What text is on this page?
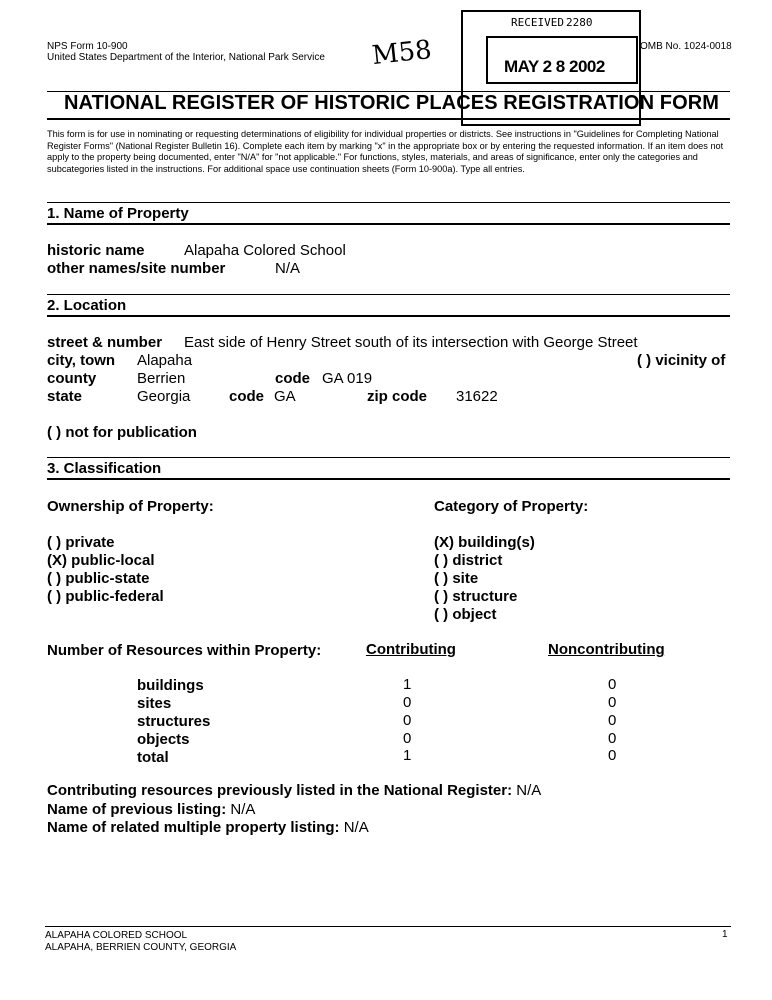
NPS Form 10-900
United States Department of the Interior, National Park Service M58	OMB No. 1024-0018
RECEIVED 2280
MAY 2 8 2002
NATIONAL REGISTER OF HISTORIC PLACES REGISTRATION FORM
This form is for use in nominating or requesting determinations of eligibility for individual properties or districts. See instructions in "Guidelines for Completing National Register Forms" (National Register Bulletin 16). Complete each item by marking "x" in the appropriate box or by entering the requested information. If an item does not apply to the property being documented, enter "N/A" for "not applicable." For functions, styles, materials, and areas of significance, enter only the categories and subcategories listed in the instructions. For additional space use continuation sheets (Form 10-900a). Type all entries.
1. Name of Property
historic name	Alapaha Colored School
other names/site number	N/A
2. Location
street & number East side of Henry Street south of its intersection with George Street
city, town Alapaha	( ) vicinity of
county	Berrien	code GA 019
state	Georgia	code GA	zip code 31622
( ) not for publication
3. Classification
Ownership of Property:	Category of Property:
( ) private
(X) public-local
( ) public-state
( ) public-federal
(X) building(s)
( ) district
( ) site
( ) structure
( ) object
Number of Resources within Property:	Contributing	Noncontributing
buildings	1	0
sites	0	0
structures	0	0
objects	0	0
total	1	0
Contributing resources previously listed in the National Register: N/A
Name of previous listing: N/A
Name of related multiple property listing: N/A
ALAPAHA COLORED SCHOOL
ALAPAHA, BERRIEN COUNTY, GEORGIA
1
